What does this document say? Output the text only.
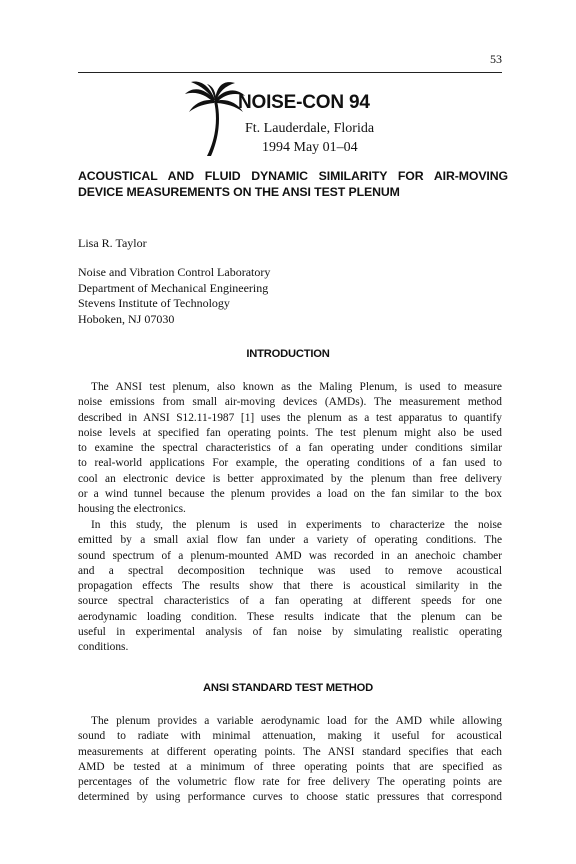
53
NOISE-CON 94
Ft. Lauderdale, Florida
1994 May 01–04
ACOUSTICAL AND FLUID DYNAMIC SIMILARITY FOR AIR-MOVING
DEVICE MEASUREMENTS ON THE ANSI TEST PLENUM
Lisa R. Taylor
Noise and Vibration Control Laboratory
Department of Mechanical Engineering
Stevens Institute of Technology
Hoboken, NJ 07030
INTRODUCTION
The ANSI test plenum, also known as the Maling Plenum, is used to measure
noise emissions from small air-moving devices (AMDs). The measurement method
described in ANSI S12.11-1987 [1] uses the plenum as a test apparatus to quantify
noise levels at specified fan operating points. The test plenum might also be used
to examine the spectral characteristics of a fan operating under conditions similar
to real-world applications For example, the operating conditions of a fan used to
cool an electronic device is better approximated by the plenum than free delivery
or a wind tunnel because the plenum provides a load on the fan similar to the box
housing the electronics.
In this study, the plenum is used in experiments to characterize the noise
emitted by a small axial flow fan under a variety of operating conditions. The
sound spectrum of a plenum-mounted AMD was recorded in an anechoic chamber
and a spectral decomposition technique was used to remove acoustical
propagation effects The results show that there is acoustical similarity in the
source spectral characteristics of a fan operating at different speeds for one
aerodynamic loading condition. These results indicate that the plenum can be
useful in experimental analysis of fan noise by simulating realistic operating
conditions.
ANSI STANDARD TEST METHOD
The plenum provides a variable aerodynamic load for the AMD while allowing
sound to radiate with minimal attenuation, making it useful for acoustical
measurements at different operating points. The ANSI standard specifies that each
AMD be tested at a minimum of three operating points that are specified as
percentages of the volumetric flow rate for free delivery The operating points are
determined by using performance curves to choose static pressures that correspond
